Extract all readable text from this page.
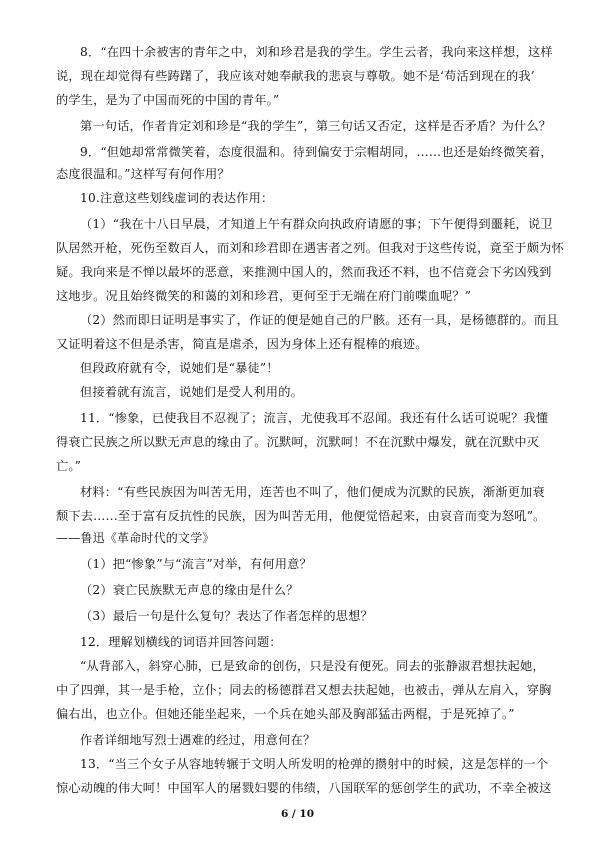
8．“在四十余被害的青年之中，刘和珍君是我的学生。学生云者，我向来这样想，这样
说，现在却觉得有些踌躇了，我应该对她奉献我的悲哀与尊敬。她不是‘苟活到现在的我’
的学生，是为了中国而死的中国的青年。”
第一句话，作者肯定刘和珍是“我的学生”，第三句话又否定，这样是否矛盾？为什么？
9．“但她却常常微笑着，态度很温和。待到偏安于宗帽胡同，……也还是始终微笑着，
态度很温和。”这样写有何作用？
10.注意这些划线虚词的表达作用：
（1）“我在十八日早晨，才知道上午有群众向执政府请愿的事；下午便得到噩耗，说卫
队居然开枪，死伤至数百人，而刘和珍君即在遇害者之列。但我对于这些传说，竟至于颇为怀
疑。我向来是不惮以最坏的恶意，来推测中国人的，然而我还不料，也不信竟会下劣凶残到
这地步。况且始终微笑的和蔼的刘和珍君，更何至于无端在府门前喋血呢？”
（2）然而即日证明是事实了，作证的便是她自己的尸骸。还有一具，是杨德群的。而且
又证明着这不但是杀害，简直是虐杀，因为身体上还有棍棒的痕迹。
但段政府就有令，说她们是“暴徒”！
但接着就有流言，说她们是受人利用的。
11．“惨象，已使我目不忍视了；流言，尤使我耳不忍闻。我还有什么话可说呢？我懂
得衰亡民族之所以默无声息的缘由了。沉默呵，沉默呵！不在沉默中爆发，就在沉默中灭
亡。”
材料：“有些民族因为叫苦无用，连苦也不叫了，他们便成为沉默的民族，渐渐更加衰
颓下去……至于富有反抗性的民族，因为叫苦无用，他便觉悟起来，由哀音而变为怒吼”。
——鲁迅《革命时代的文学》
（1）把“惨象”与“流言”对举，有何用意？
（2）衰亡民族默无声息的缘由是什么？
（3）最后一句是什么复句？表达了作者怎样的思想？
12．理解划横线的词语并回答问题：
“从背部入，斜穿心肺，已是致命的创伤，只是没有便死。同去的张静淑君想扶起她，
中了四弹，其一是手枪，立仆；同去的杨德群君又想去扶起她，也被击，弹从左肩入，穿胸
偏右出，也立仆。但她还能坐起来，一个兵在她头部及胸部猛击两棍，于是死掉了。”
作者详细地写烈士遇难的经过，用意何在？
13．“当三个女子从容地转辗于文明人所发明的枪弹的攒射中的时候，这是怎样的一个
惊心动魄的伟大呵！中国军人的屠戮妇婴的伟绩，八国联军的惩创学生的武功，不幸全被这
6 / 10
